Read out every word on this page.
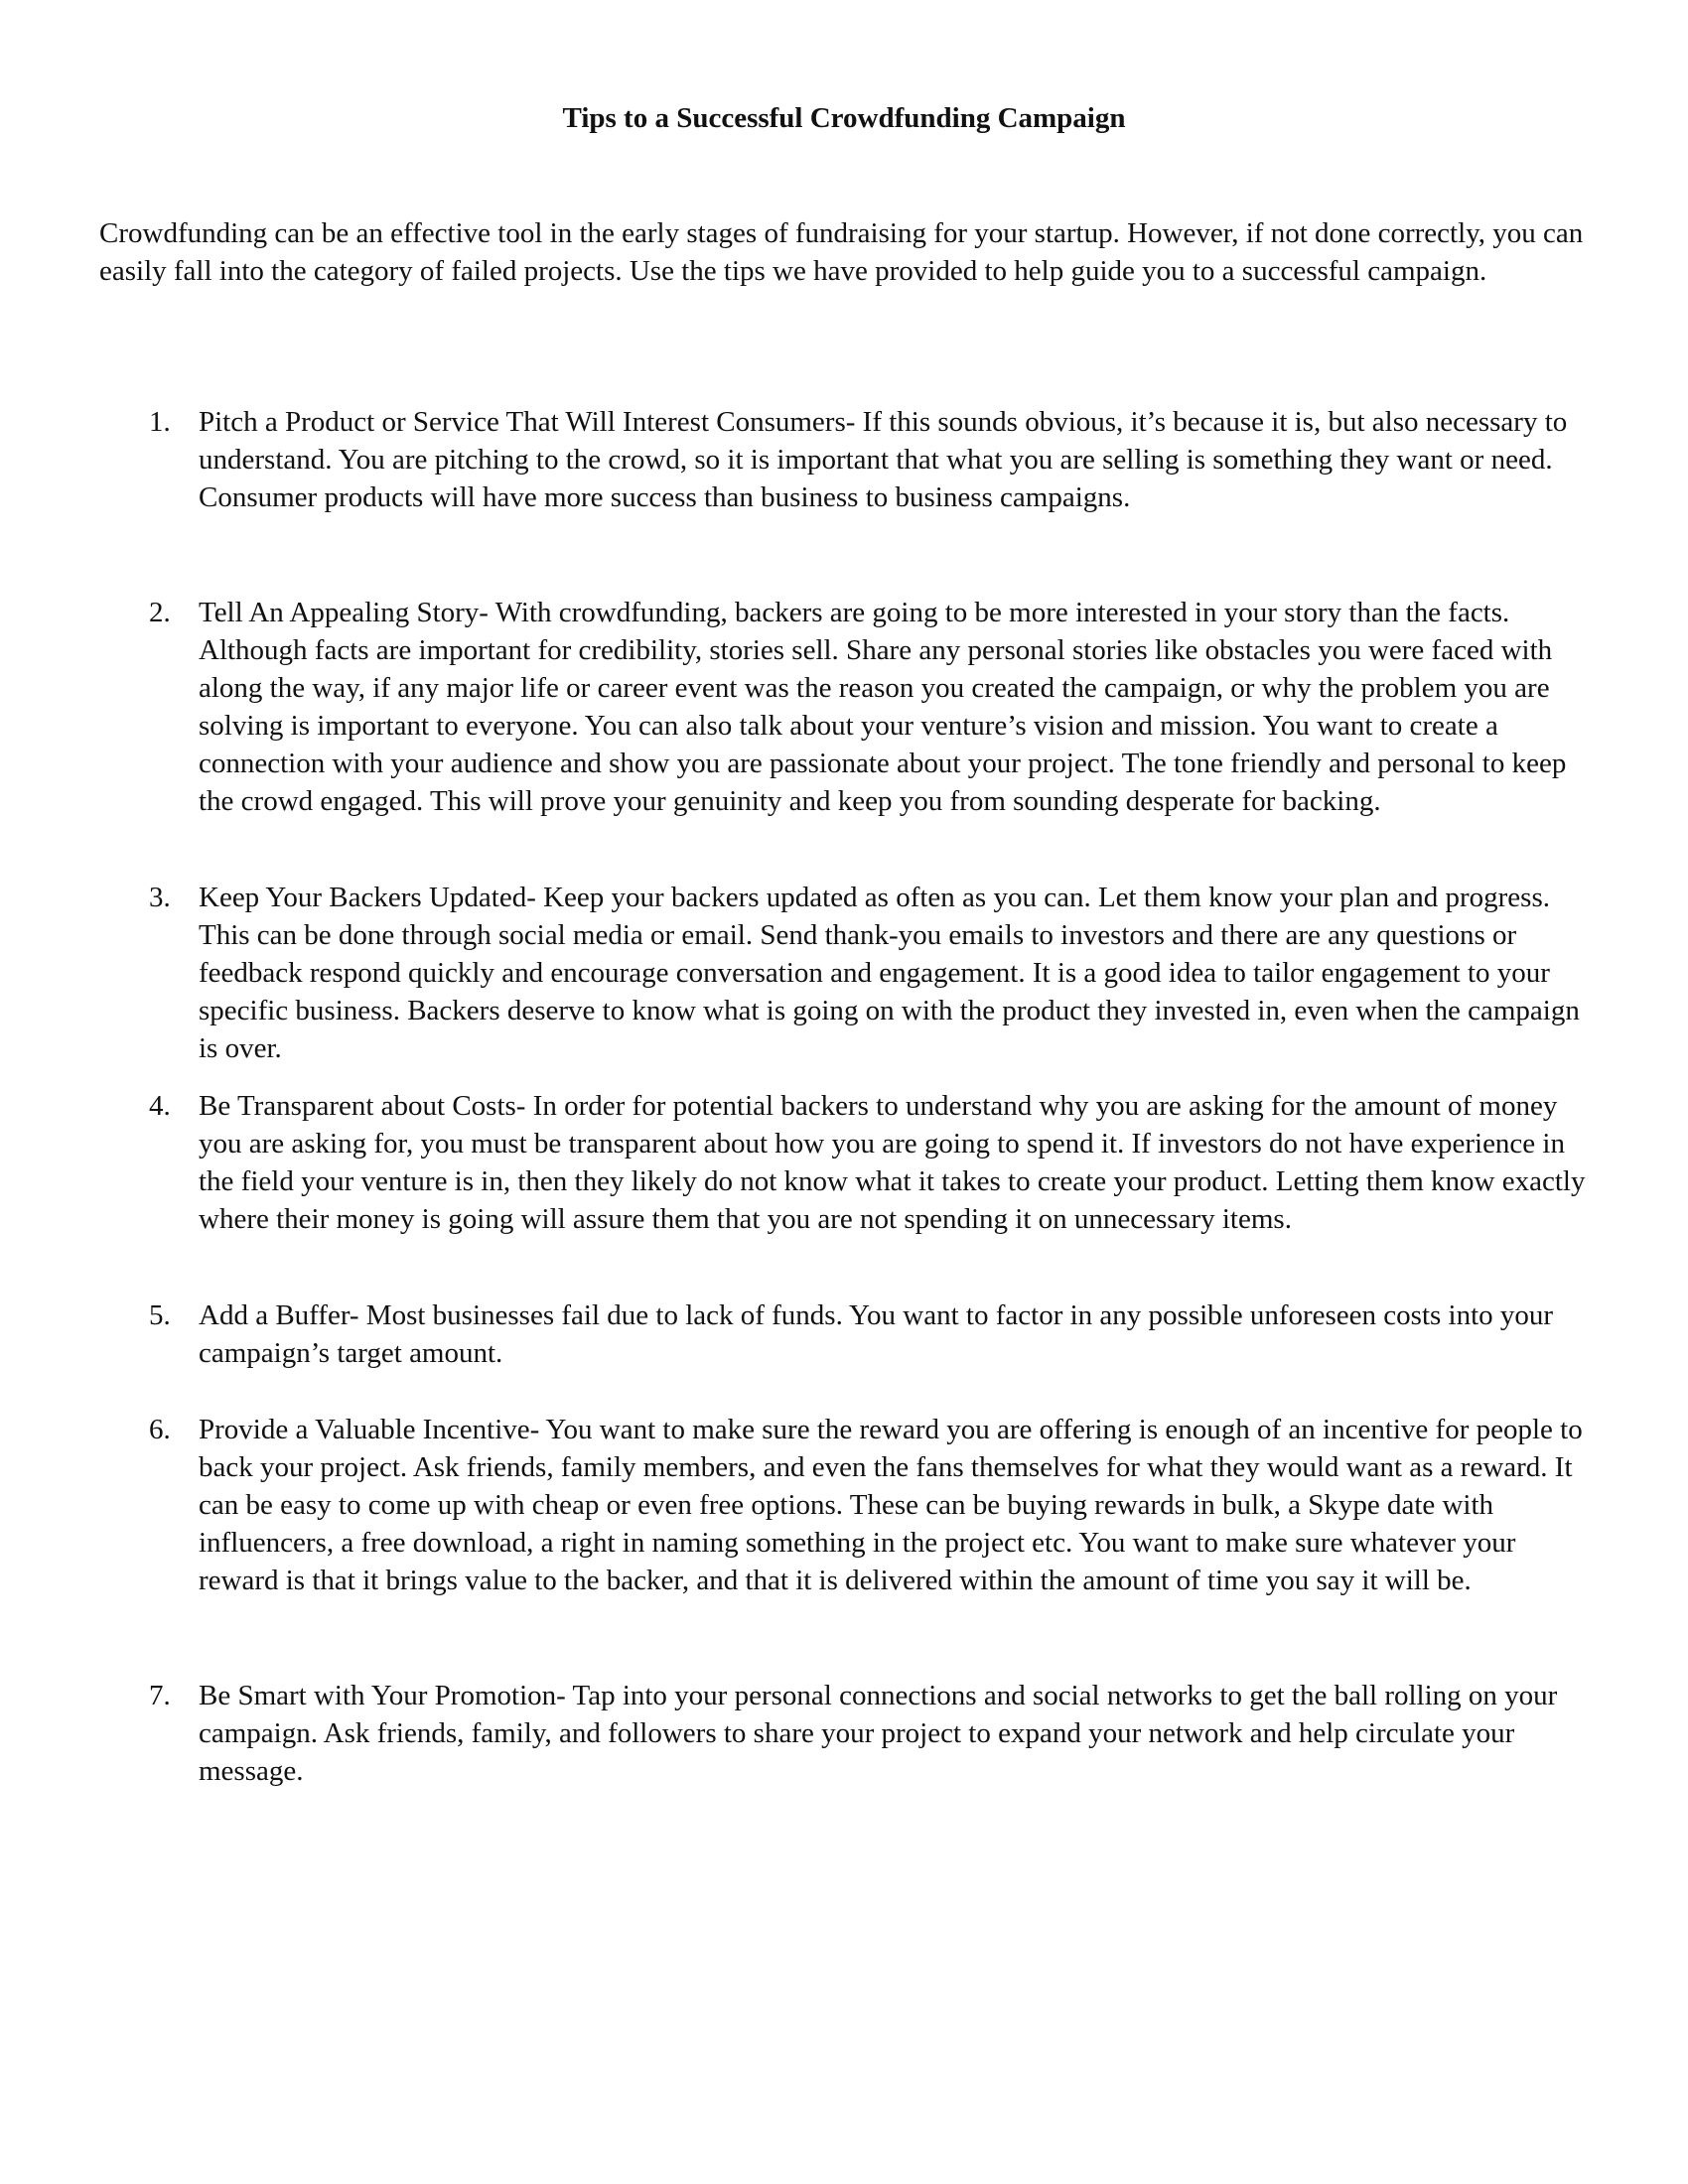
Tips to a Successful Crowdfunding Campaign

Crowdfunding can be an effective tool in the early stages of fundraising for your startup. However, if not done correctly, you can easily fall into the category of failed projects. Use the tips we have provided to help guide you to a successful campaign.

1. Pitch a Product or Service That Will Interest Consumers- If this sounds obvious, it’s because it is, but also necessary to understand. You are pitching to the crowd, so it is important that what you are selling is something they want or need. Consumer products will have more success than business to business campaigns.
2. Tell An Appealing Story- With crowdfunding, backers are going to be more interested in your story than the facts. Although facts are important for credibility, stories sell. Share any personal stories like obstacles you were faced with along the way, if any major life or career event was the reason you created the campaign, or why the problem you are solving is important to everyone. You can also talk about your venture’s vision and mission. You want to create a connection with your audience and show you are passionate about your project. The tone friendly and personal to keep the crowd engaged. This will prove your genuinity and keep you from sounding desperate for backing.
3. Keep Your Backers Updated- Keep your backers updated as often as you can. Let them know your plan and progress. This can be done through social media or email. Send thank-you emails to investors and there are any questions or feedback respond quickly and encourage conversation and engagement. It is a good idea to tailor engagement to your specific business. Backers deserve to know what is going on with the product they invested in, even when the campaign is over.
4. Be Transparent about Costs- In order for potential backers to understand why you are asking for the amount of money you are asking for, you must be transparent about how you are going to spend it. If investors do not have experience in the field your venture is in, then they likely do not know what it takes to create your product. Letting them know exactly where their money is going will assure them that you are not spending it on unnecessary items.
5. Add a Buffer- Most businesses fail due to lack of funds. You want to factor in any possible unforeseen costs into your campaign’s target amount.
6. Provide a Valuable Incentive- You want to make sure the reward you are offering is enough of an incentive for people to back your project. Ask friends, family members, and even the fans themselves for what they would want as a reward. It can be easy to come up with cheap or even free options. These can be buying rewards in bulk, a Skype date with influencers, a free download, a right in naming something in the project etc. You want to make sure whatever your reward is that it brings value to the backer, and that it is delivered within the amount of time you say it will be.
7. Be Smart with Your Promotion- Tap into your personal connections and social networks to get the ball rolling on your campaign. Ask friends, family, and followers to share your project to expand your network and help circulate your message.
